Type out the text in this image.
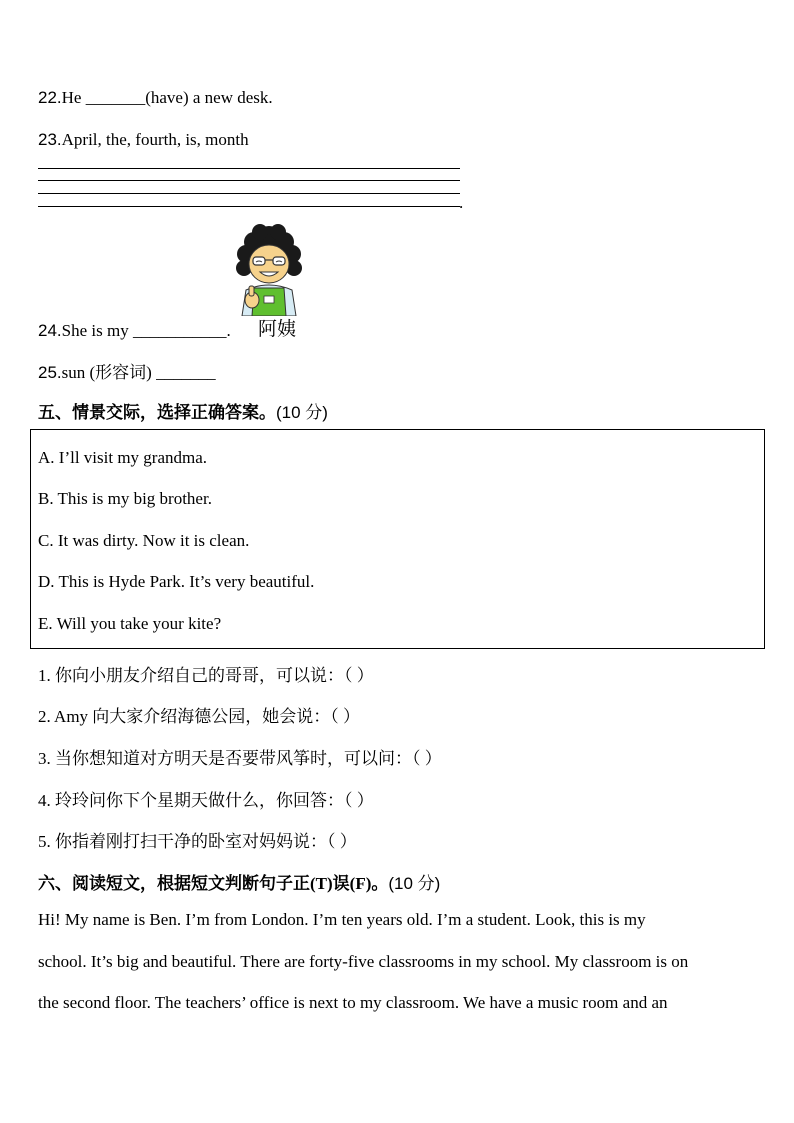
22.He _______(have) a new desk.
23.April, the, fourth, is, month
.
阿姨
24.She is my ___________.
25.sun (形容词) _______
五、情景交际，选择正确答案。(10 分)
A. I’ll visit my grandma.
B. This is my big brother.
C. It was dirty. Now it is clean.
D. This is Hyde Park. It’s very beautiful.
E. Will you take your kite?
1. 你向小朋友介绍自己的哥哥，可以说：（ ）
2. Amy 向大家介绍海德公园，她会说：（ ）
3. 当你想知道对方明天是否要带风筝时，可以问：（ ）
4. 玲玲问你下个星期天做什么，你回答：（ ）
5. 你指着刚打扫干净的卧室对妈妈说：（ ）
六、阅读短文，根据短文判断句子正(T)误(F)。(10 分)
Hi! My name is Ben. I’m from London. I’m ten years old. I’m a student. Look, this is my
school. It’s big and beautiful. There are forty-five classrooms in my school. My classroom is on
the second floor. The teachers’ office is next to my classroom. We have a music room and an
